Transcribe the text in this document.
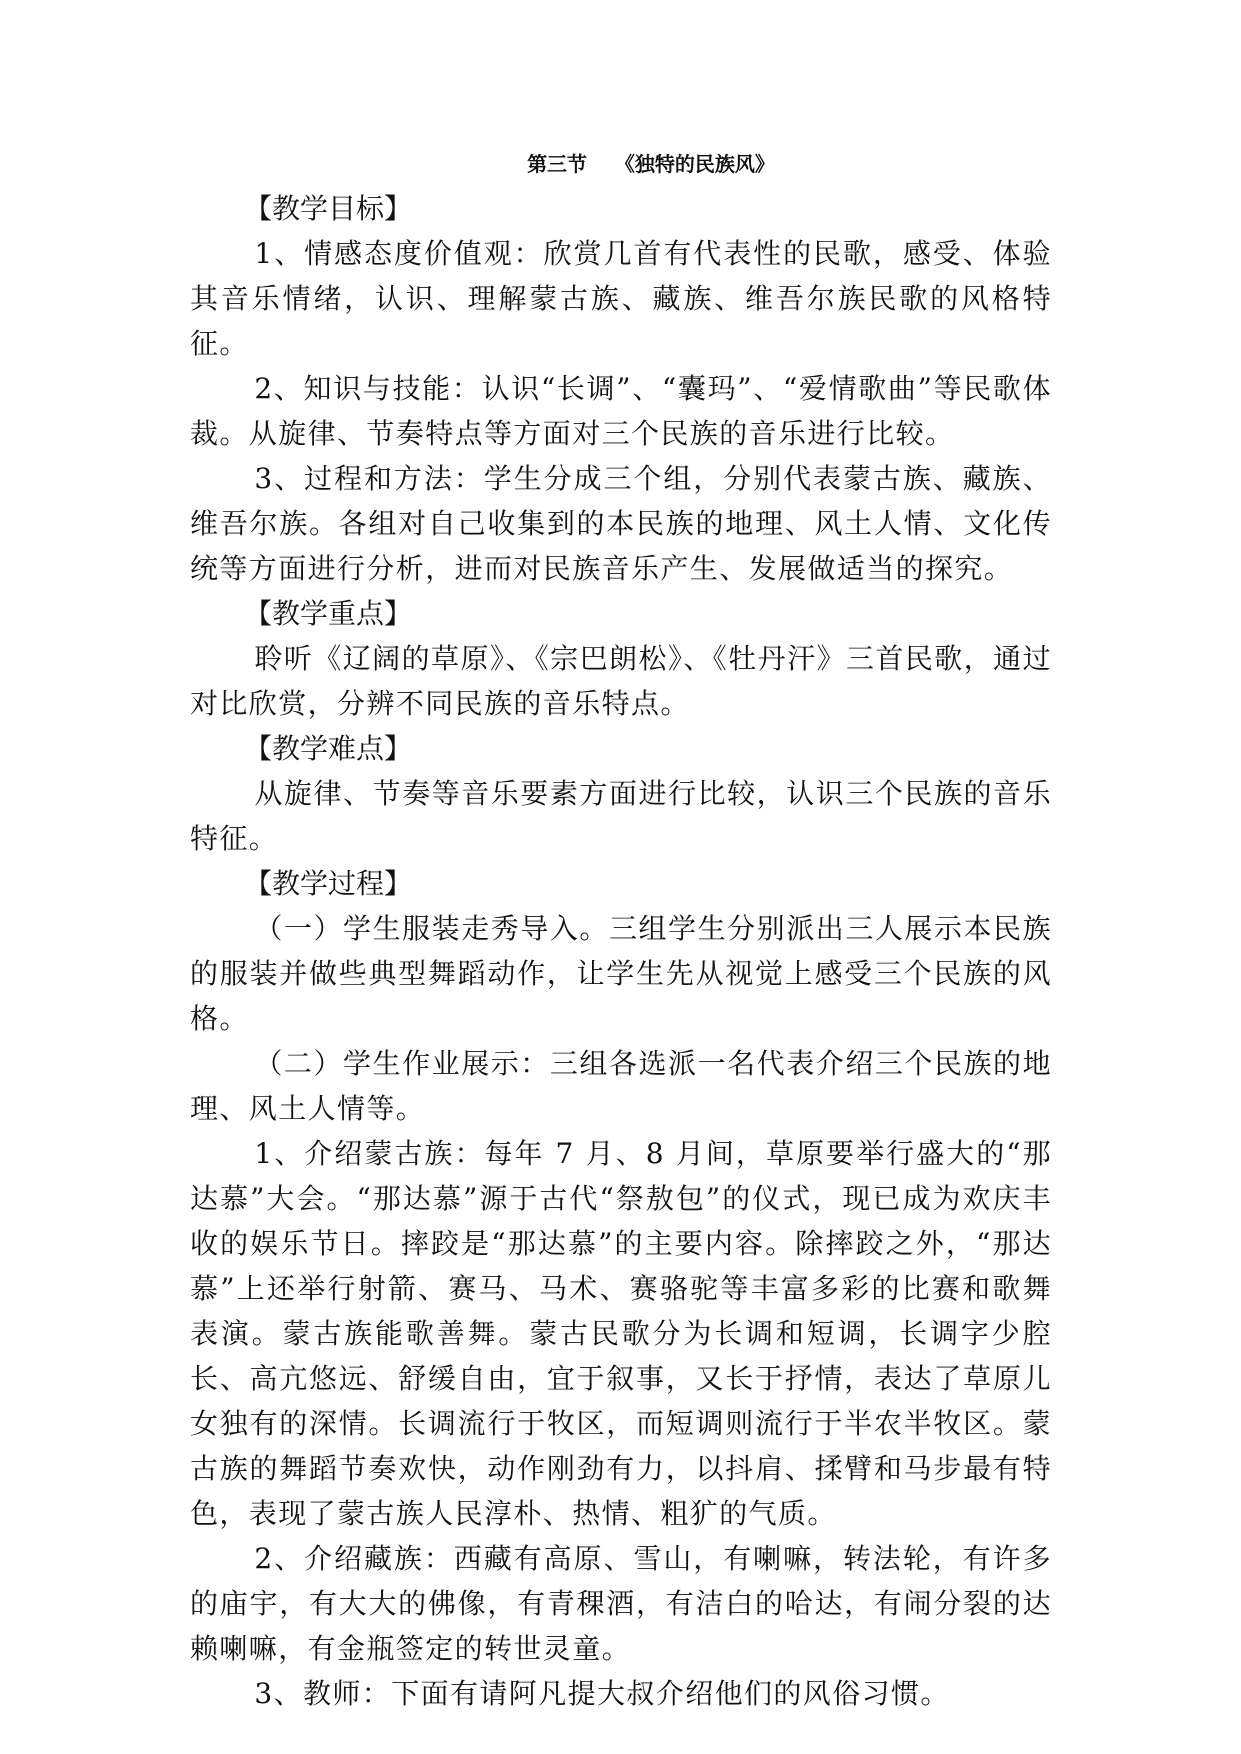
第三节    《独特的民族风》

【教学目标】

1、情感态度价值观：欣赏几首有代表性的民歌，感受、体验其音乐情绪，认识、理解蒙古族、藏族、维吾尔族民歌的风格特征。

2、知识与技能：认识“长调”、“囊玛”、“爱情歌曲”等民歌体裁。从旋律、节奏特点等方面对三个民族的音乐进行比较。

3、过程和方法：学生分成三个组，分别代表蒙古族、藏族、维吾尔族。各组对自己收集到的本民族的地理、风土人情、文化传统等方面进行分析，进而对民族音乐产生、发展做适当的探究。

【教学重点】

聆听《辽阔的草原》、《宗巴朗松》、《牡丹汗》三首民歌，通过对比欣赏，分辨不同民族的音乐特点。

【教学难点】

从旋律、节奏等音乐要素方面进行比较，认识三个民族的音乐特征。

【教学过程】

（一）学生服装走秀导入。三组学生分别派出三人展示本民族的服装并做些典型舞蹈动作，让学生先从视觉上感受三个民族的风格。

（二）学生作业展示：三组各选派一名代表介绍三个民族的地理、风土人情等。

1、介绍蒙古族：每年 7 月、8 月间，草原要举行盛大的“那达慕”大会。“那达慕”源于古代“祭敖包”的仪式，现已成为欢庆丰收的娱乐节日。摔跤是“那达慕”的主要内容。除摔跤之外，“那达慕”上还举行射箭、赛马、马术、赛骆驼等丰富多彩的比赛和歌舞表演。蒙古族能歌善舞。蒙古民歌分为长调和短调，长调字少腔长、高亢悠远、舒缓自由，宜于叙事，又长于抒情，表达了草原儿女独有的深情。长调流行于牧区，而短调则流行于半农半牧区。蒙古族的舞蹈节奏欢快，动作刚劲有力，以抖肩、揉臂和马步最有特色，表现了蒙古族人民淳朴、热情、粗犷的气质。

2、介绍藏族：西藏有高原、雪山，有喇嘛，转法轮，有许多的庙宇，有大大的佛像，有青稞酒，有洁白的哈达，有闹分裂的达赖喇嘛，有金瓶签定的转世灵童。

3、教师：下面有请阿凡提大叔介绍他们的风俗习惯。
